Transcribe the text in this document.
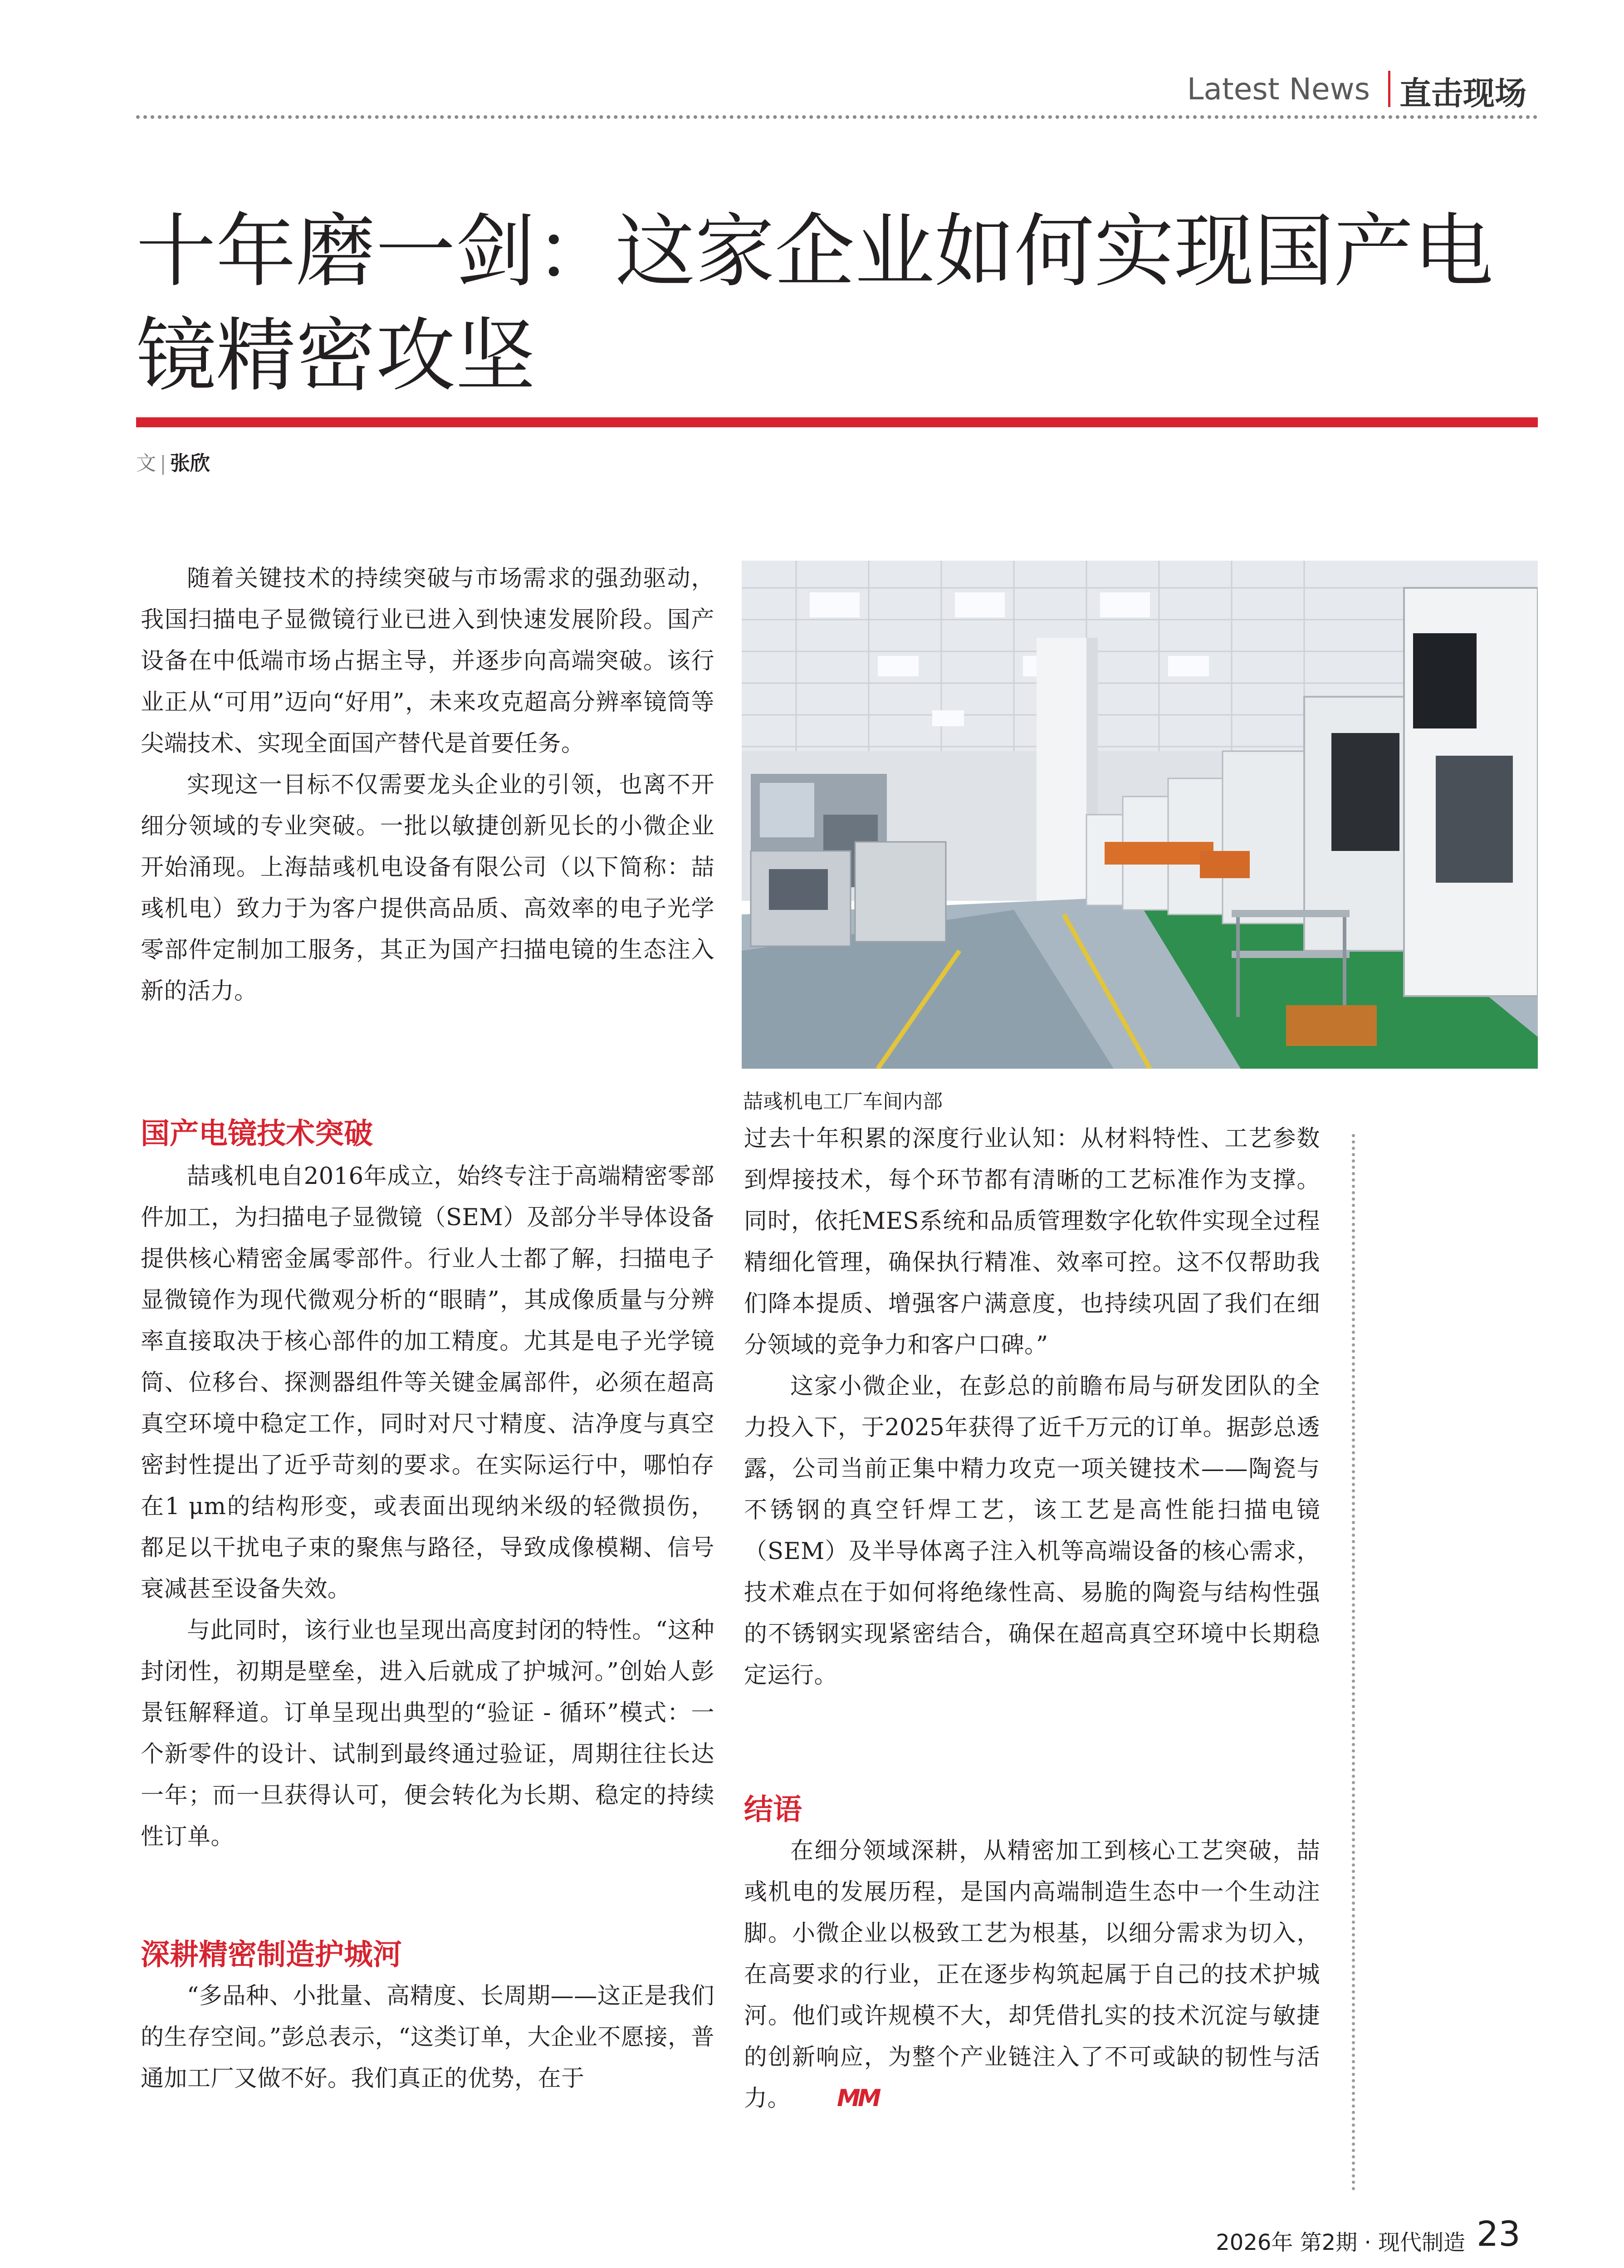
Latest News 直击现场
十年磨一剑：这家企业如何实现国产电镜精密攻坚
文 | 张欣

随着关键技术的持续突破与市场需求的强劲驱动，我国扫描电子显微镜行业已进入到快速发展阶段。国产设备在中低端市场占据主导，并逐步向高端突破。该行业正从“可用”迈向“好用”，未来攻克超高分辨率镜筒等尖端技术、实现全面国产替代是首要任务。

实现这一目标不仅需要龙头企业的引领，也离不开细分领域的专业突破。一批以敏捷创新见长的小微企业开始涌现。上海喆彧机电设备有限公司（以下简称：喆彧机电）致力于为客户提供高品质、高效率的电子光学零部件定制加工服务，其正为国产扫描电镜的生态注入新的活力。

国产电镜技术突破

喆彧机电自2016年成立，始终专注于高端精密零部件加工，为扫描电子显微镜（SEM）及部分半导体设备提供核心精密金属零部件。行业人士都了解，扫描电子显微镜作为现代微观分析的“眼睛”，其成像质量与分辨率直接取决于核心部件的加工精度。尤其是电子光学镜筒、位移台、探测器组件等关键金属部件，必须在超高真空环境中稳定工作，同时对尺寸精度、洁净度与真空密封性提出了近乎苛刻的要求。在实际运行中，哪怕存在1 μm的结构形变，或表面出现纳米级的轻微损伤，都足以干扰电子束的聚焦与路径，导致成像模糊、信号衰减甚至设备失效。

与此同时，该行业也呈现出高度封闭的特性。“这种封闭性，初期是壁垒，进入后就成了护城河。”创始人彭景钰解释道。订单呈现出典型的“验证 - 循环”模式：一个新零件的设计、试制到最终通过验证，周期往往长达一年；而一旦获得认可，便会转化为长期、稳定的持续性订单。

深耕精密制造护城河

“多品种、小批量、高精度、长周期——这正是我们的生存空间。”彭总表示，“这类订单，大企业不愿接，普通加工厂又做不好。我们真正的优势，在于

喆彧机电工厂车间内部

过去十年积累的深度行业认知：从材料特性、工艺参数到焊接技术，每个环节都有清晰的工艺标准作为支撑。同时，依托MES系统和品质管理数字化软件实现全过程精细化管理，确保执行精准、效率可控。这不仅帮助我们降本提质、增强客户满意度，也持续巩固了我们在细分领域的竞争力和客户口碑。”

这家小微企业，在彭总的前瞻布局与研发团队的全力投入下，于2025年获得了近千万元的订单。据彭总透露，公司当前正集中精力攻克一项关键技术——陶瓷与不锈钢的真空钎焊工艺，该工艺是高性能扫描电镜（SEM）及半导体离子注入机等高端设备的核心需求，技术难点在于如何将绝缘性高、易脆的陶瓷与结构性强的不锈钢实现紧密结合，确保在超高真空环境中长期稳定运行。

结语

在细分领域深耕，从精密加工到核心工艺突破，喆彧机电的发展历程，是国内高端制造生态中一个生动注脚。小微企业以极致工艺为根基，以细分需求为切入，在高要求的行业，正在逐步构筑起属于自己的技术护城河。他们或许规模不大，却凭借扎实的技术沉淀与敏捷的创新响应，为整个产业链注入了不可或缺的韧性与活力。 MM

2026年 第2期 · 现代制造 23
